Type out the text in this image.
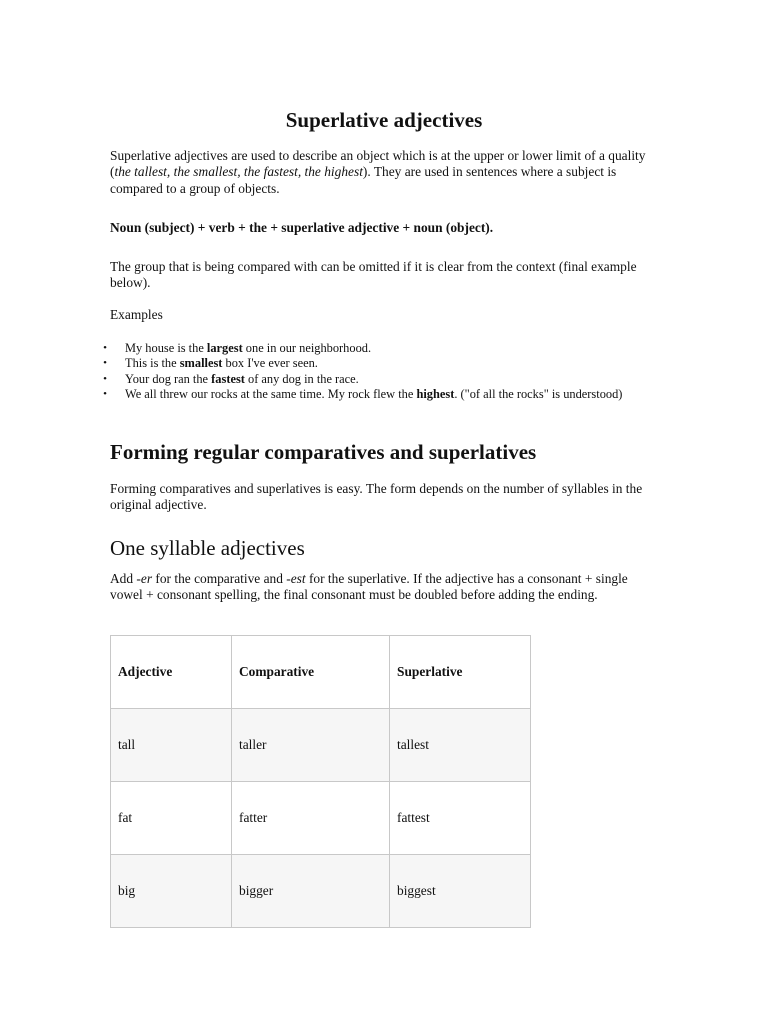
Superlative adjectives
Superlative adjectives are used to describe an object which is at the upper or lower limit of a quality (the tallest, the smallest, the fastest, the highest). They are used in sentences where a subject is compared to a group of objects.
Noun (subject) + verb + the + superlative adjective + noun (object).
The group that is being compared with can be omitted if it is clear from the context (final example below).
Examples
• My house is the largest one in our neighborhood.
• This is the smallest box I've ever seen.
• Your dog ran the fastest of any dog in the race.
• We all threw our rocks at the same time. My rock flew the highest. ("of all the rocks" is understood)
Forming regular comparatives and superlatives
Forming comparatives and superlatives is easy. The form depends on the number of syllables in the original adjective.
One syllable adjectives
Add -er for the comparative and -est for the superlative. If the adjective has a consonant + single vowel + consonant spelling, the final consonant must be doubled before adding the ending.
Adjective	Comparative	Superlative
tall	taller	tallest
fat	fatter	fattest
big	bigger	biggest
